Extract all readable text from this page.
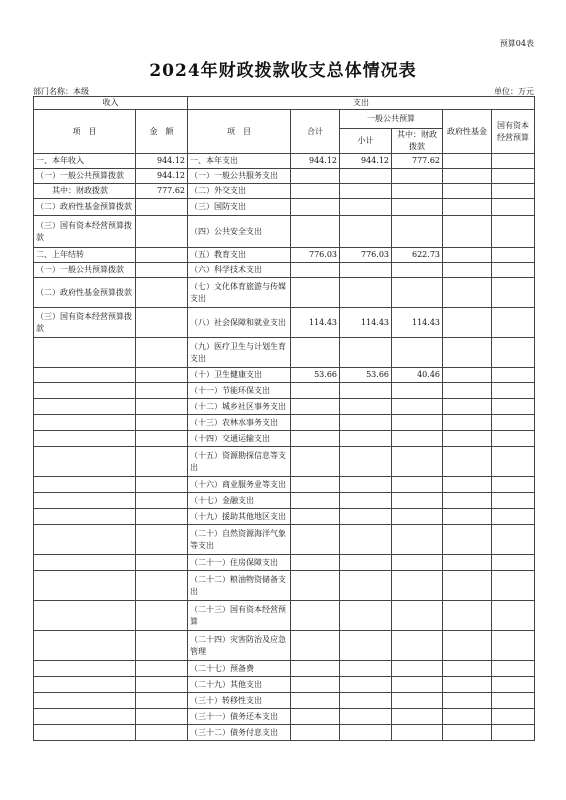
预算04表
2024年财政拨款收支总体情况表
部门名称：本级	单位：万元
收入		支出					
项　目	金　额	项　目	合计	一般公共预算		政府性基金	国有资本经营预算
				小计	其中：财政拨款		
一、本年收入	944.12	一、本年支出	944.12	944.12	777.62		
（一）一般公共预算拨款	944.12	（一）一般公共服务支出					
　　其中：财政拨款	777.62	（二）外交支出					
（二）政府性基金预算拨款		（三）国防支出					
（三）国有资本经营预算拨款		（四）公共安全支出					
二、上年结转		（五）教育支出	776.03	776.03	622.73		
（一）一般公共预算拨款		（六）科学技术支出					
（二）政府性基金预算拨款		（七）文化体育旅游与传媒支出					
（三）国有资本经营预算拨款		（八）社会保障和就业支出	114.43	114.43	114.43		
		（九）医疗卫生与计划生育支出					
		（十）卫生健康支出	53.66	53.66	40.46		
		（十一）节能环保支出					
		（十二）城乡社区事务支出					
		（十三）农林水事务支出					
		（十四）交通运输支出					
		（十五）资源勘探信息等支出					
		（十六）商业服务业等支出					
		（十七）金融支出					
		（十九）援助其他地区支出					
		（二十）自然资源海洋气象等支出					
		（二十一）住房保障支出					
		（二十二）粮油物资储备支出					
		（二十三）国有资本经营预算					
		（二十四）灾害防治及应急管理					
		（二十七）预备费					
		（二十九）其他支出					
		（三十）转移性支出					
		（三十一）债务还本支出					
		（三十二）债务付息支出					
